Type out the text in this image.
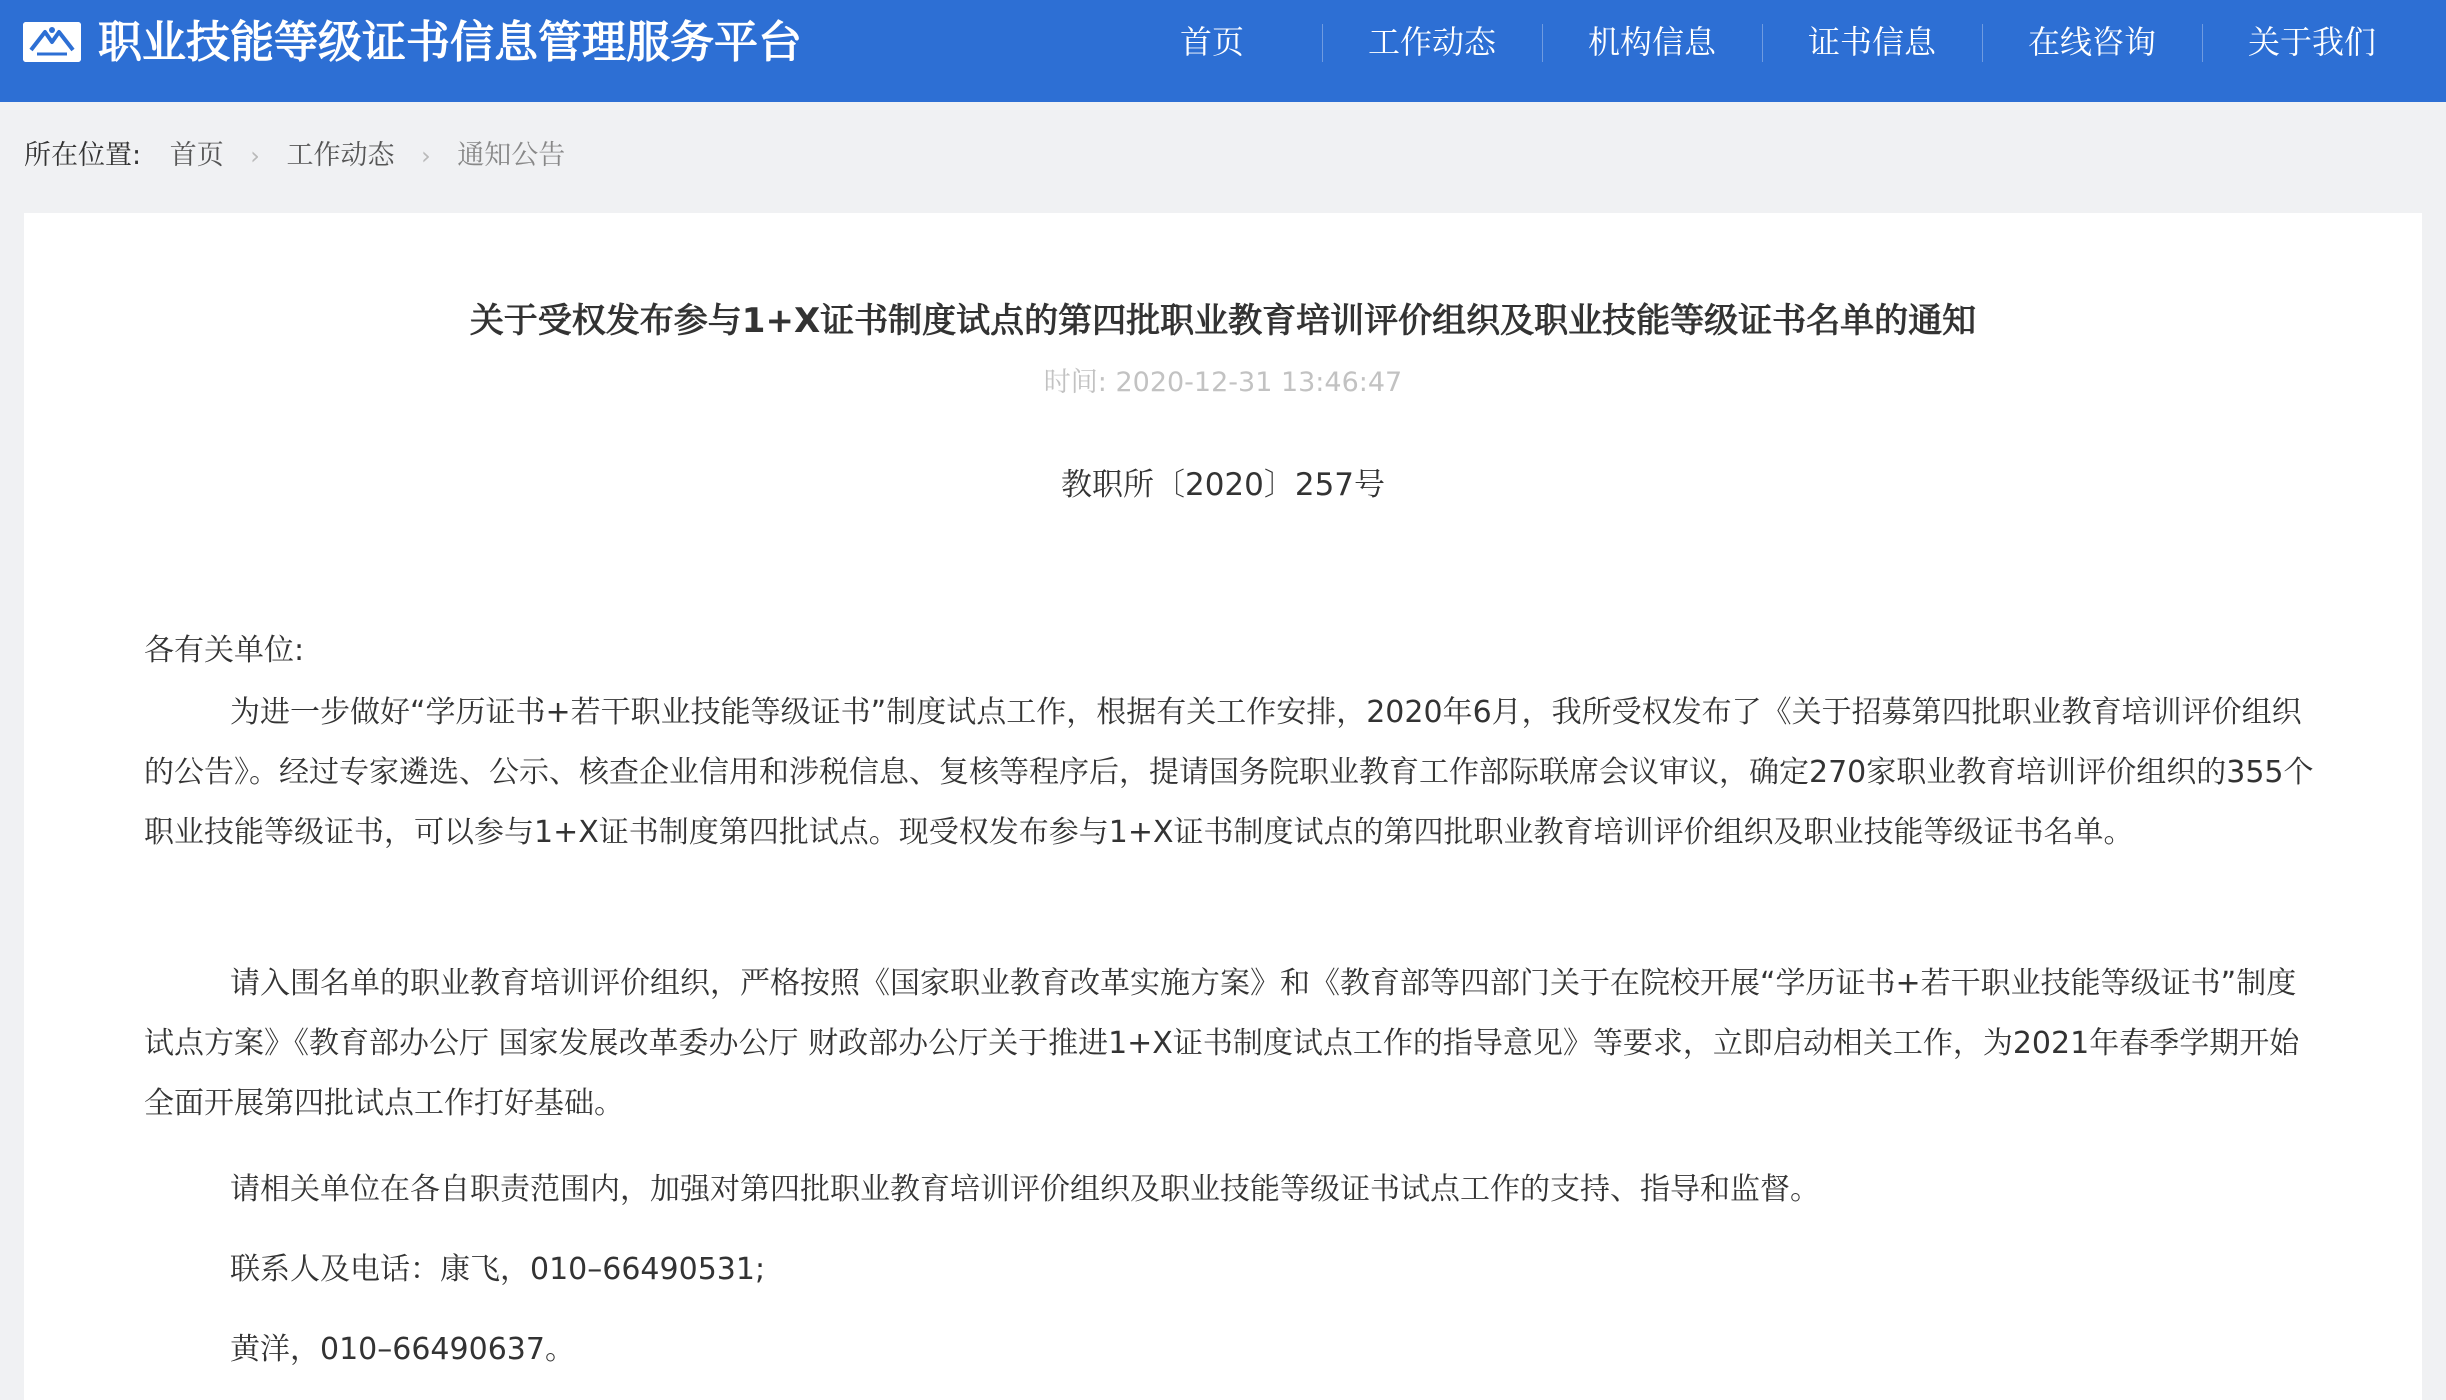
职业技能等级证书信息管理服务平台	首页	工作动态	机构信息	证书信息	在线咨询	关于我们
所在位置: 首页 › 工作动态 › 通知公告
关于受权发布参与1+X证书制度试点的第四批职业教育培训评价组织及职业技能等级证书名单的通知
时间: 2020-12-31 13:46:47
教职所〔2020〕257号
各有关单位:
为进一步做好“学历证书+若干职业技能等级证书”制度试点工作，根据有关工作安排，2020年6月，我所受权发布了《关于招募第四批职业教育培训评价组织的公告》。经过专家遴选、公示、核查企业信用和涉税信息、复核等程序后，提请国务院职业教育工作部际联席会议审议，确定270家职业教育培训评价组织的355个职业技能等级证书，可以参与1+X证书制度第四批试点。现受权发布参与1+X证书制度试点的第四批职业教育培训评价组织及职业技能等级证书名单。
请入围名单的职业教育培训评价组织，严格按照《国家职业教育改革实施方案》和《教育部等四部门关于在院校开展“学历证书+若干职业技能等级证书”制度试点方案》《教育部办公厅 国家发展改革委办公厅 财政部办公厅关于推进1+X证书制度试点工作的指导意见》等要求，立即启动相关工作，为2021年春季学期开始全面开展第四批试点工作打好基础。
请相关单位在各自职责范围内，加强对第四批职业教育培训评价组织及职业技能等级证书试点工作的支持、指导和监督。
联系人及电话：康飞，010–66490531;
黄洋，010–66490637。
